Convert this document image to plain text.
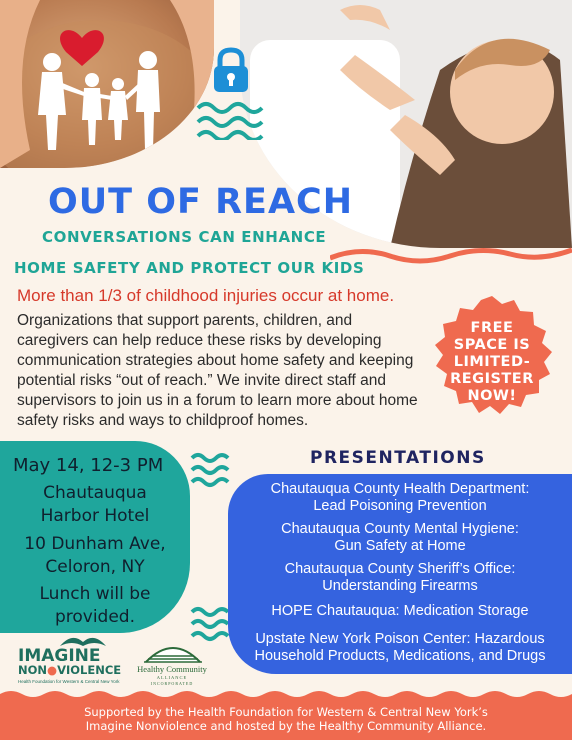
OUT OF REACH
CONVERSATIONS CAN ENHANCE
HOME SAFETY AND PROTECT OUR KIDS
More than 1/3 of childhood injuries occur at home.

Organizations that support parents, children, and caregivers can help reduce these risks by developing communication strategies about home safety and keeping potential risks “out of reach.” We invite direct staff and supervisors to join us in a forum to learn more about home safety risks and ways to childproof homes.

FREE
SPACE IS
LIMITED-
REGISTER
NOW!
May 14, 12-3 PM
Chautauqua
Harbor Hotel
10 Dunham Ave,
Celoron, NY
Lunch will be
provided.
PRESENTATIONS
Chautauqua County Health Department:
Lead Poisoning Prevention
Chautauqua County Mental Hygiene:
Gun Safety at Home
Chautauqua County Sheriff’s Office:
Understanding Firearms
HOPE Chautauqua: Medication Storage
Upstate New York Poison Center: Hazardous
Household Products, Medications, and Drugs
IMAGINE
NON●VIOLENCE
Health Foundation for Western & Central New York
Healthy Community
ALLIANCE
INCORPORATED
Supported by the Health Foundation for Western & Central New York’s
Imagine Nonviolence and hosted by the Healthy Community Alliance.
